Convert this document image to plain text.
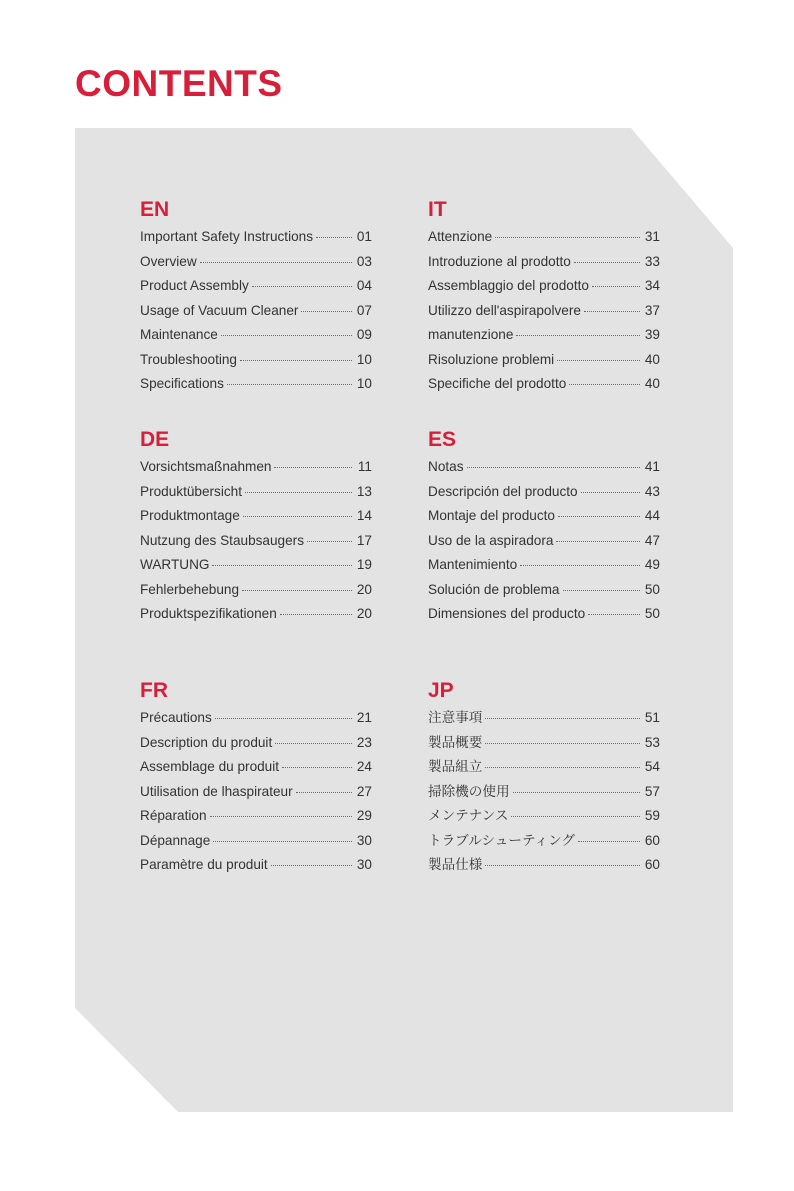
CONTENTS
EN
Important Safety Instructions	01
Overview	03
Product Assembly	04
Usage of Vacuum Cleaner	07
Maintenance	09
Troubleshooting	10
Specifications	10
IT
Attenzione	31
Introduzione al prodotto	33
Assemblaggio del prodotto	34
Utilizzo dell'aspirapolvere	37
manutenzione	39
Risoluzione problemi	40
Specifiche del prodotto	40
DE
Vorsichtsmaßnahmen	11
Produktübersicht	13
Produktmontage	14
Nutzung des Staubsaugers	17
WARTUNG	19
Fehlerbehebung	20
Produktspezifikationen	20
ES
Notas	41
Descripción del producto	43
Montaje del producto	44
Uso de la aspiradora	47
Mantenimiento	49
Solución de problema	50
Dimensiones del producto	50
FR
Précautions	21
Description du produit	23
Assemblage du produit	24
Utilisation de lhaspirateur	27
Réparation	29
Dépannage	30
Paramètre du produit	30
JP
注意事項	51
製品概要	53
製品組立	54
掃除機の使用	57
メンテナンス	59
トラブルシューティング	60
製品仕様	60
